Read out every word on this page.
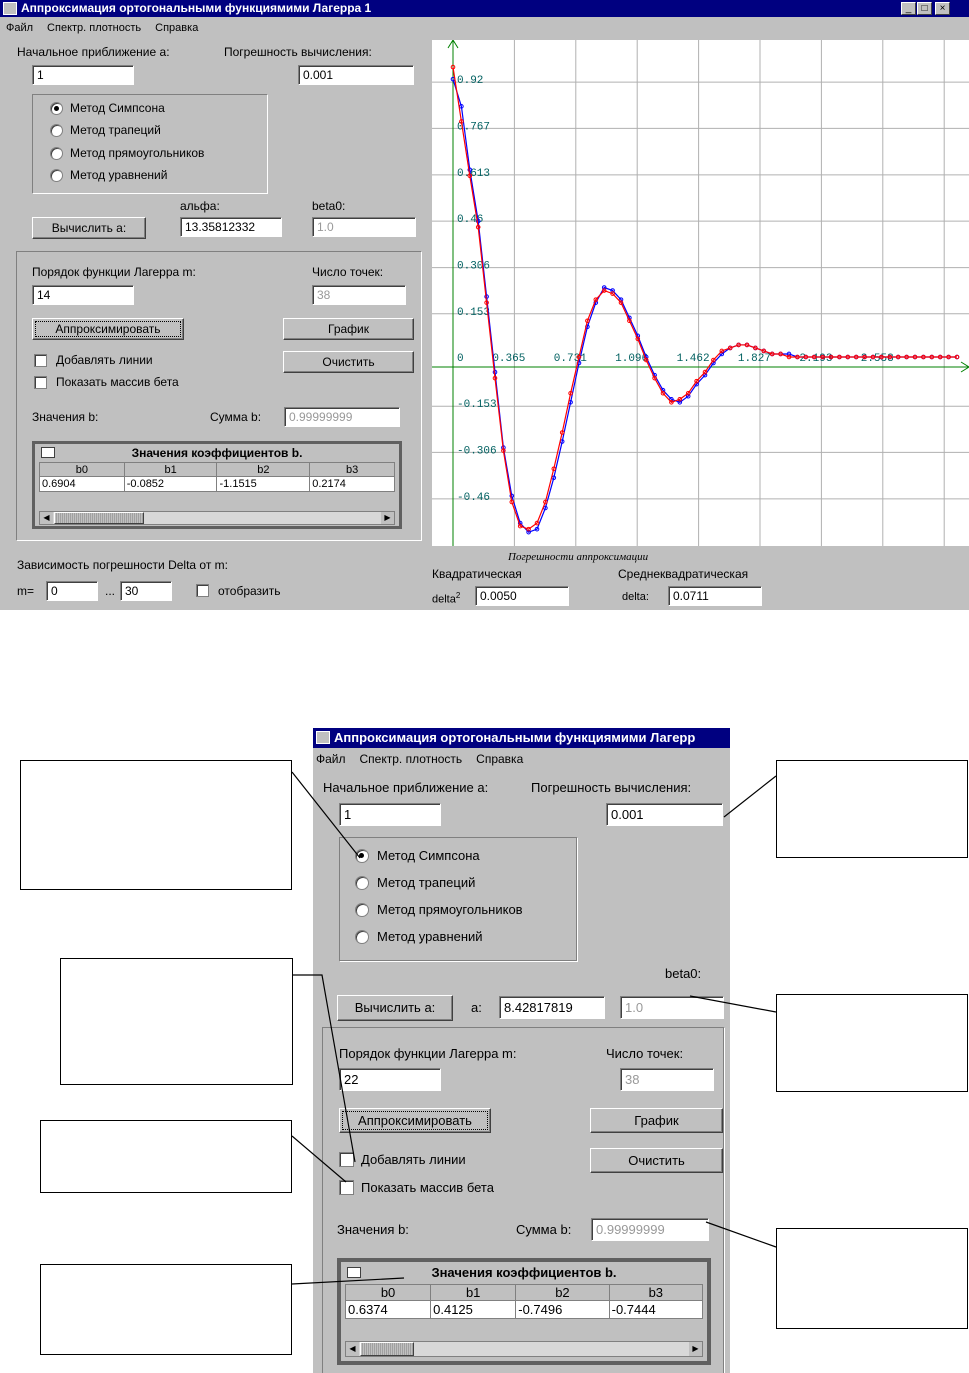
Аппроксимация ортогональными функциямими Лагерра 1	_	□	×
Файл Спектр. плотность Справка
Начальное приближение a:	Погрешность вычисления:
1	0.001
Метод Симпсона
Метод трапеций
Метод прямоугольников
Метод уравнений
альфа:	beta0:
Вычислить a:	13.35812332	1.0
Порядок функции Лагерра m:	Число точек:
14	38
Аппроксимировать	График
Добавлять линии	Очистить
Показать массив бета
Значения b:	Сумма b:	0.99999999
Значения коэффициентов b.
b0	b1	b2	b3
0.6904	-0.0852	-1.1515	0.2174
◀	▶
Зависимость погрешности Delta от m:
m=	0	... 30	отобразить
0.92
0.767
0.613
0.46
0.306
0.153
0
-0.153
-0.306
-0.46
0.365	0.731	1.096	1.462	1.827	2.193	2.558
Погрешности аппроксимации
Квадратическая	Среднеквадратическая
delta$^2$	0.0050	delta:	0.0711
Аппроксимация ортогональными функциямими Лагерр
Файл Спектр. плотность Справка
Начальное приближение a:	Погрешность вычисления:
1	0.001
Метод Симпсона
Метод трапеций
Метод прямоугольников
Метод уравнений
beta0:
Вычислить a:	a:	8.42817819	1.0
Порядок функции Лагерра m:	Число точек:
22	38
Аппроксимировать	График
Добавлять линии	Очистить
Показать массив бета
Значения b:	Сумма b:	0.99999999
Значения коэффициентов b.
b0	b1	b2	b3
0.6374	0.4125	-0.7496	-0.7444
◀	▶
